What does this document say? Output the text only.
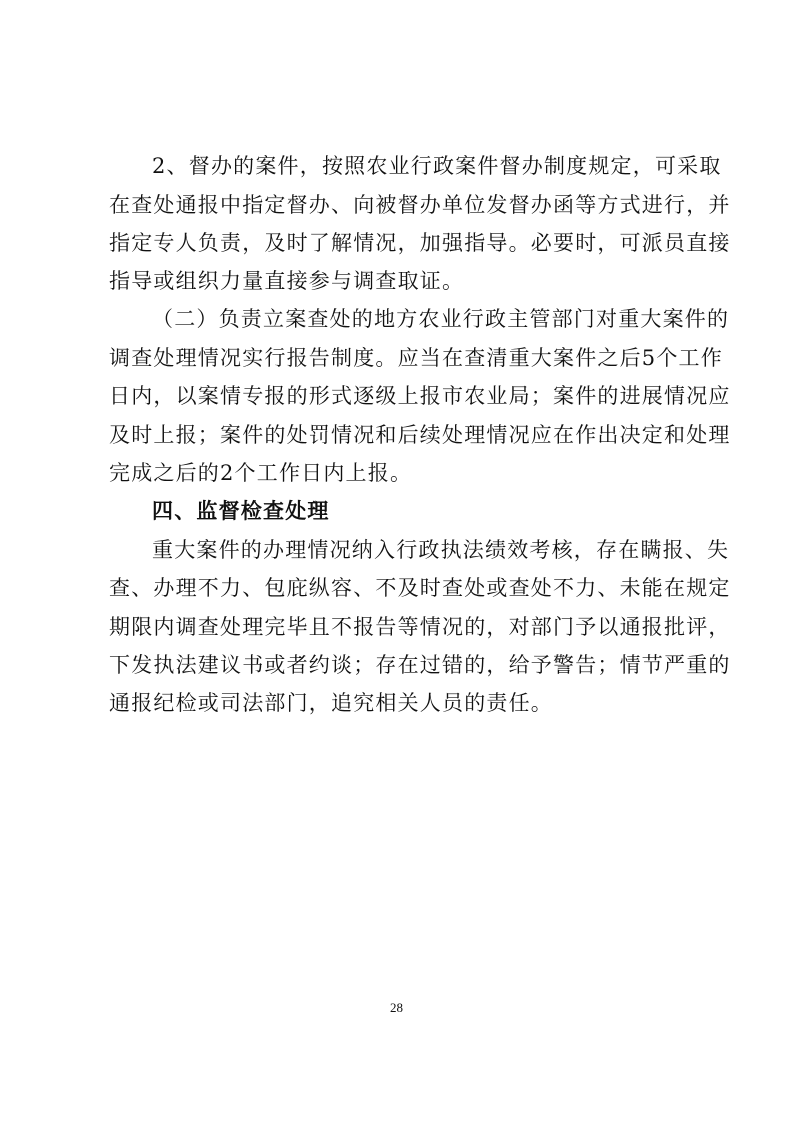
2、督办的案件，按照农业行政案件督办制度规定，可采取
在查处通报中指定督办、向被督办单位发督办函等方式进行，并
指定专人负责，及时了解情况，加强指导。必要时，可派员直接
指导或组织力量直接参与调查取证。
（二）负责立案查处的地方农业行政主管部门对重大案件的
调查处理情况实行报告制度。应当在查清重大案件之后5个工作
日内，以案情专报的形式逐级上报市农业局；案件的进展情况应
及时上报；案件的处罚情况和后续处理情况应在作出决定和处理
完成之后的2个工作日内上报。
四、监督检查处理
重大案件的办理情况纳入行政执法绩效考核，存在瞒报、失
查、办理不力、包庇纵容、不及时查处或查处不力、未能在规定
期限内调查处理完毕且不报告等情况的，对部门予以通报批评，
下发执法建议书或者约谈；存在过错的，给予警告；情节严重的
通报纪检或司法部门，追究相关人员的责任。
28
